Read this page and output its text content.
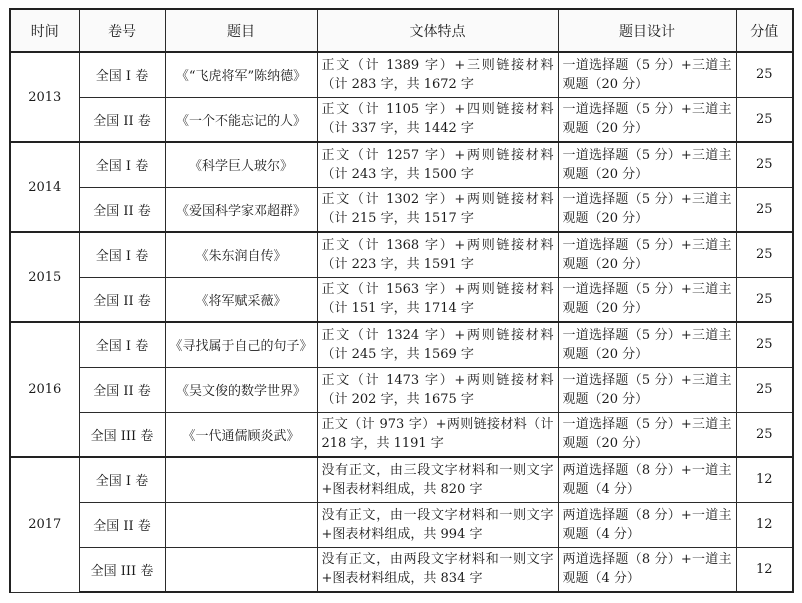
时间	卷号	题目	文体特点	题目设计	分值
2013	全国 I 卷	《“飞虎将军”陈纳德》	正文（计 1389 字）+三则链接材料（计 283 字，共 1672 字	一道选择题（5 分）+三道主观题（20 分）	25
	全国 II 卷	《一个不能忘记的人》	正文（计 1105 字）+四则链接材料（计 337 字，共 1442 字	一道选择题（5 分）+三道主观题（20 分）	25
2014	全国 I 卷	《科学巨人玻尔》	正文（计 1257 字）+两则链接材料（计 243 字，共 1500 字	一道选择题（5 分）+三道主观题（20 分）	25
	全国 II 卷	《爱国科学家邓超群》	正文（计 1302 字）+两则链接材料（计 215 字，共 1517 字	一道选择题（5 分）+三道主观题（20 分）	25
2015	全国 I 卷	《朱东润自传》	正文（计 1368 字）+两则链接材料（计 223 字，共 1591 字	一道选择题（5 分）+三道主观题（20 分）	25
	全国 II 卷	《将军赋采薇》	正文（计 1563 字）+两则链接材料（计 151 字，共 1714 字	一道选择题（5 分）+三道主观题（20 分）	25
2016	全国 I 卷	《寻找属于自己的句子》	正文（计 1324 字）+两则链接材料（计 245 字，共 1569 字	一道选择题（5 分）+三道主观题（20 分）	25
	全国 II 卷	《吴文俊的数学世界》	正文（计 1473 字）+两则链接材料（计 202 字，共 1675 字	一道选择题（5 分）+三道主观题（20 分）	25
	全国 III 卷	《一代通儒顾炎武》	正文（计 973 字）+两则链接材料（计 218 字，共 1191 字	一道选择题（5 分）+三道主观题（20 分）	25
2017	全国 I 卷		没有正文，由三段文字材料和一则文字+图表材料组成，共 820 字	两道选择题（8 分）+一道主观题（4 分）	12
	全国 II 卷		没有正文，由一段文字材料和一则文字+图表材料组成，共 994 字	两道选择题（8 分）+一道主观题（4 分）	12
	全国 III 卷		没有正文，由两段文字材料和一则文字+图表材料组成，共 834 字	两道选择题（8 分）+一道主观题（4 分）	12
